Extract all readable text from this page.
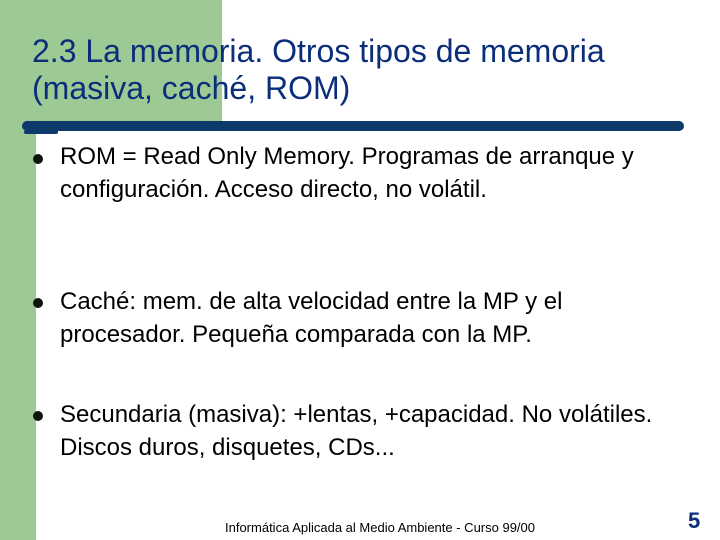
2.3 La memoria. Otros tipos de memoria (masiva, caché, ROM)

ROM = Read Only Memory. Programas de arranque y configuración. Acceso directo, no volátil.

Caché: mem. de alta velocidad entre la MP y el procesador. Pequeña comparada con la MP.

Secundaria (masiva): +lentas, +capacidad. No volátiles. Discos duros, disquetes, CDs...

Informática Aplicada al Medio Ambiente - Curso 99/00	5
